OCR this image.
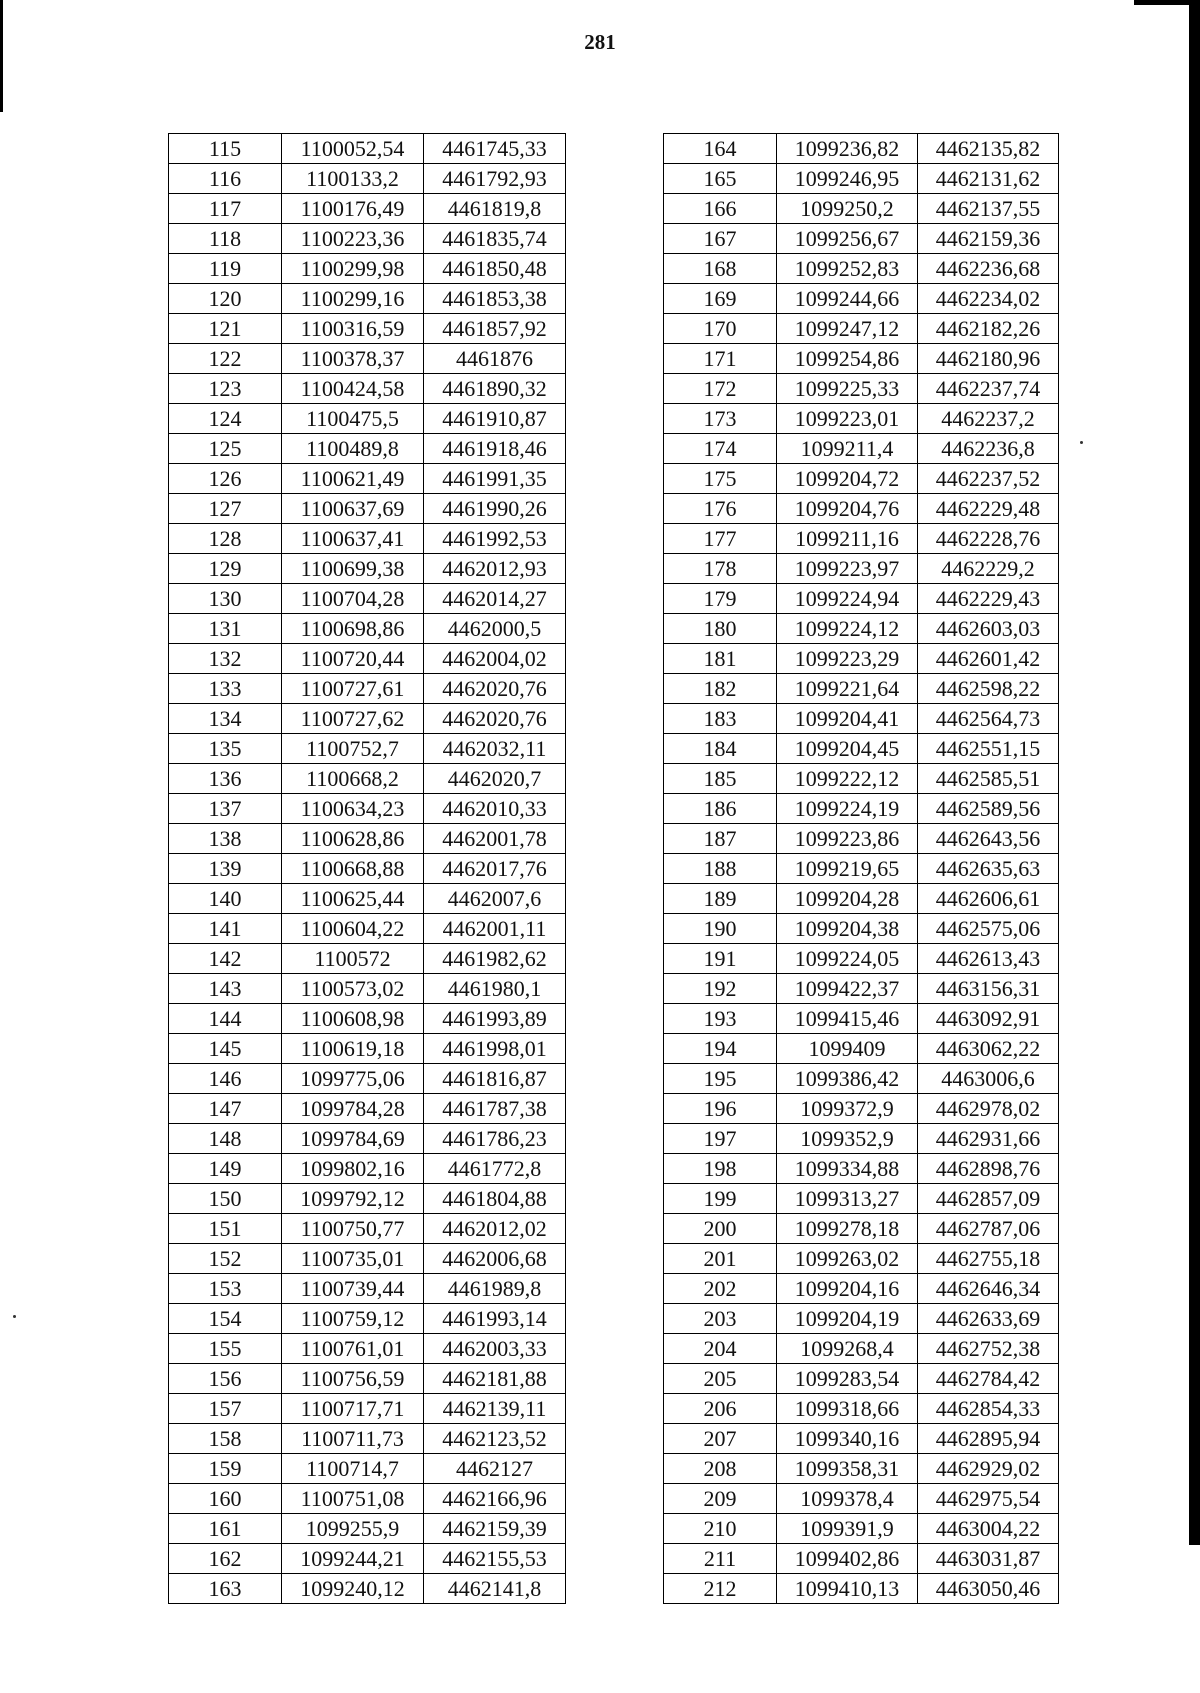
281
115	1100052,54	4461745,33
116	1100133,2	4461792,93
117	1100176,49	4461819,8
118	1100223,36	4461835,74
119	1100299,98	4461850,48
120	1100299,16	4461853,38
121	1100316,59	4461857,92
122	1100378,37	4461876
123	1100424,58	4461890,32
124	1100475,5	4461910,87
125	1100489,8	4461918,46
126	1100621,49	4461991,35
127	1100637,69	4461990,26
128	1100637,41	4461992,53
129	1100699,38	4462012,93
130	1100704,28	4462014,27
131	1100698,86	4462000,5
132	1100720,44	4462004,02
133	1100727,61	4462020,76
134	1100727,62	4462020,76
135	1100752,7	4462032,11
136	1100668,2	4462020,7
137	1100634,23	4462010,33
138	1100628,86	4462001,78
139	1100668,88	4462017,76
140	1100625,44	4462007,6
141	1100604,22	4462001,11
142	1100572	4461982,62
143	1100573,02	4461980,1
144	1100608,98	4461993,89
145	1100619,18	4461998,01
146	1099775,06	4461816,87
147	1099784,28	4461787,38
148	1099784,69	4461786,23
149	1099802,16	4461772,8
150	1099792,12	4461804,88
151	1100750,77	4462012,02
152	1100735,01	4462006,68
153	1100739,44	4461989,8
154	1100759,12	4461993,14
155	1100761,01	4462003,33
156	1100756,59	4462181,88
157	1100717,71	4462139,11
158	1100711,73	4462123,52
159	1100714,7	4462127
160	1100751,08	4462166,96
161	1099255,9	4462159,39
162	1099244,21	4462155,53
163	1099240,12	4462141,8
164	1099236,82	4462135,82
165	1099246,95	4462131,62
166	1099250,2	4462137,55
167	1099256,67	4462159,36
168	1099252,83	4462236,68
169	1099244,66	4462234,02
170	1099247,12	4462182,26
171	1099254,86	4462180,96
172	1099225,33	4462237,74
173	1099223,01	4462237,2
174	1099211,4	4462236,8
175	1099204,72	4462237,52
176	1099204,76	4462229,48
177	1099211,16	4462228,76
178	1099223,97	4462229,2
179	1099224,94	4462229,43
180	1099224,12	4462603,03
181	1099223,29	4462601,42
182	1099221,64	4462598,22
183	1099204,41	4462564,73
184	1099204,45	4462551,15
185	1099222,12	4462585,51
186	1099224,19	4462589,56
187	1099223,86	4462643,56
188	1099219,65	4462635,63
189	1099204,28	4462606,61
190	1099204,38	4462575,06
191	1099224,05	4462613,43
192	1099422,37	4463156,31
193	1099415,46	4463092,91
194	1099409	4463062,22
195	1099386,42	4463006,6
196	1099372,9	4462978,02
197	1099352,9	4462931,66
198	1099334,88	4462898,76
199	1099313,27	4462857,09
200	1099278,18	4462787,06
201	1099263,02	4462755,18
202	1099204,16	4462646,34
203	1099204,19	4462633,69
204	1099268,4	4462752,38
205	1099283,54	4462784,42
206	1099318,66	4462854,33
207	1099340,16	4462895,94
208	1099358,31	4462929,02
209	1099378,4	4462975,54
210	1099391,9	4463004,22
211	1099402,86	4463031,87
212	1099410,13	4463050,46
